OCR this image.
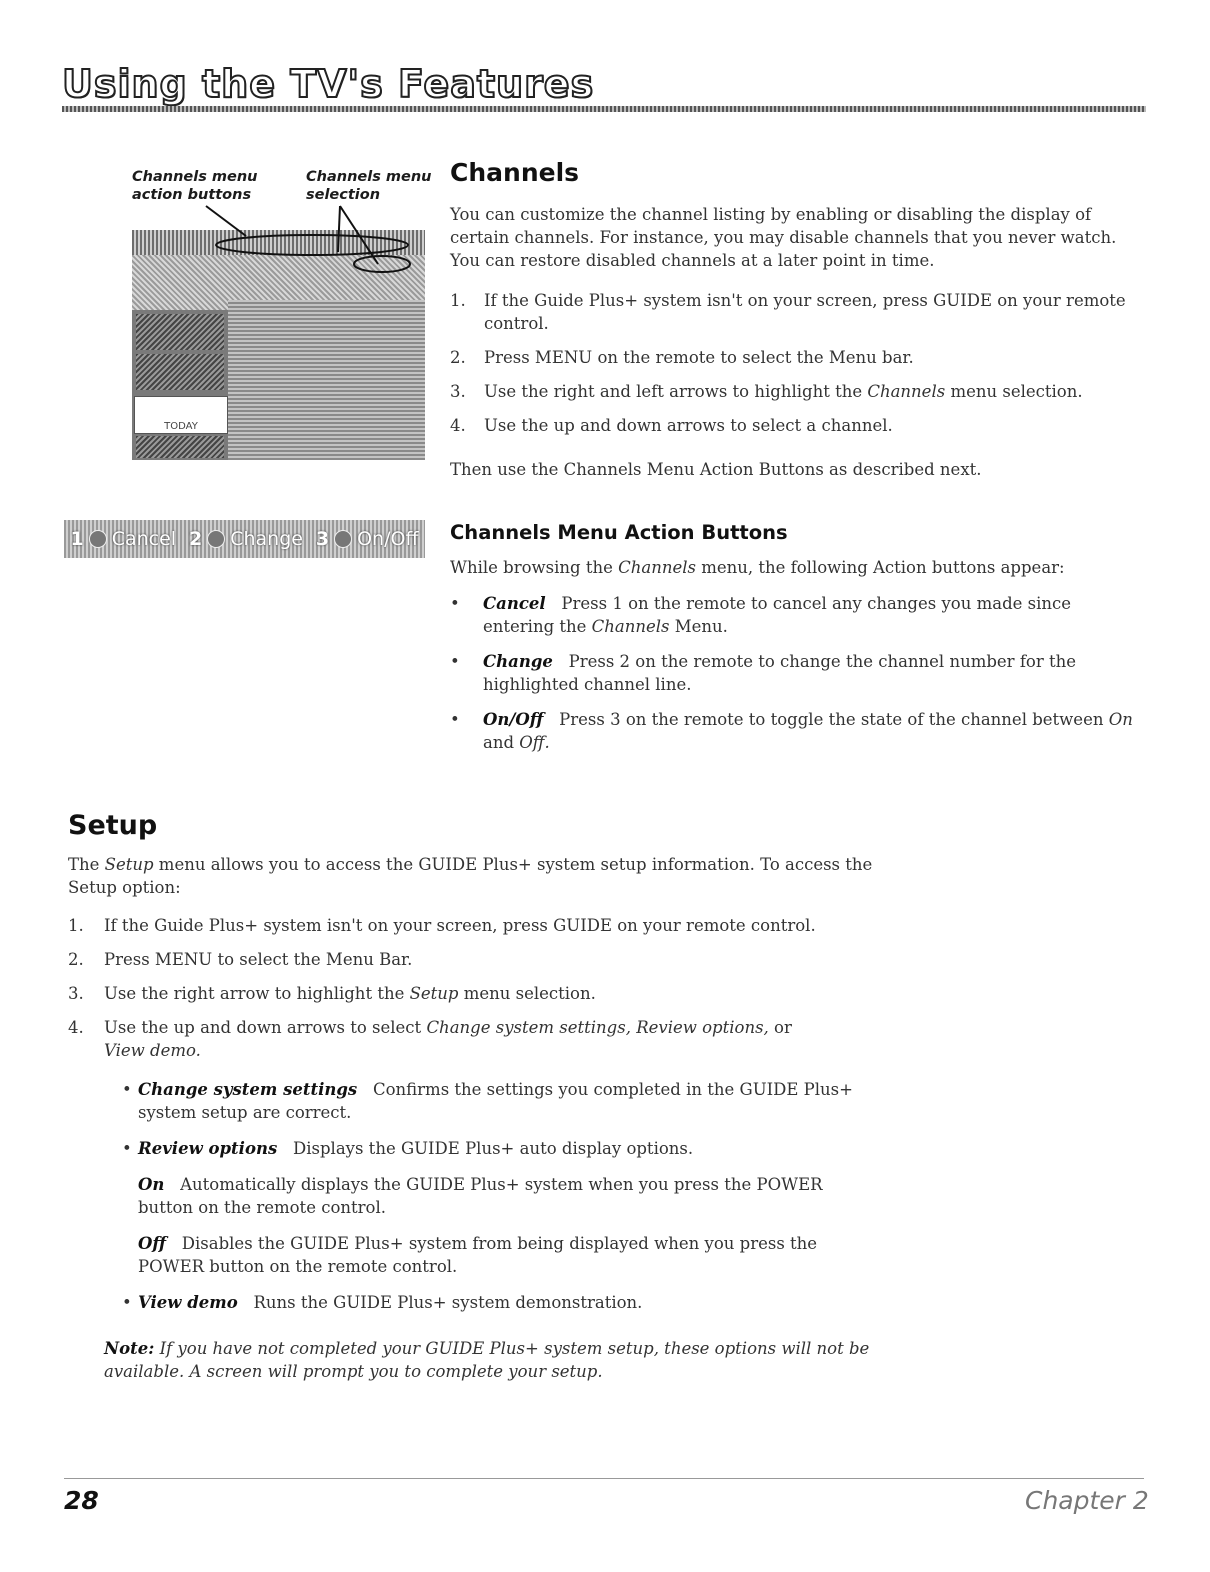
Using the TV's Features
Channels menu
action buttons
Channels menu
selection
TODAY
1 Cancel 2 Change 3 On/Off
Channels
You can customize the channel listing by enabling or disabling the display of certain channels. For instance, you may disable channels that you never watch. You can restore disabled channels at a later point in time.
1. If the Guide Plus+ system isn't on your screen, press GUIDE on your remote control.
2. Press MENU on the remote to select the Menu bar.
3. Use the right and left arrows to highlight the Channels menu selection.
4. Use the up and down arrows to select a channel.
Then use the Channels Menu Action Buttons as described next.
Channels Menu Action Buttons
While browsing the Channels menu, the following Action buttons appear:
• Cancel Press 1 on the remote to cancel any changes you made since entering the Channels Menu.
• Change Press 2 on the remote to change the channel number for the highlighted channel line.
• On/Off Press 3 on the remote to toggle the state of the channel between On and Off.
Setup
The Setup menu allows you to access the GUIDE Plus+ system setup information. To access the Setup option:
1. If the Guide Plus+ system isn't on your screen, press GUIDE on your remote control.
2. Press MENU to select the Menu Bar.
3. Use the right arrow to highlight the Setup menu selection.
4. Use the up and down arrows to select Change system settings, Review options, or View demo.
• Change system settings Confirms the settings you completed in the GUIDE Plus+ system setup are correct.
• Review options Displays the GUIDE Plus+ auto display options.
On Automatically displays the GUIDE Plus+ system when you press the POWER button on the remote control.
Off Disables the GUIDE Plus+ system from being displayed when you press the POWER button on the remote control.
• View demo Runs the GUIDE Plus+ system demonstration.
Note: If you have not completed your GUIDE Plus+ system setup, these options will not be available. A screen will prompt you to complete your setup.
28	Chapter 2
